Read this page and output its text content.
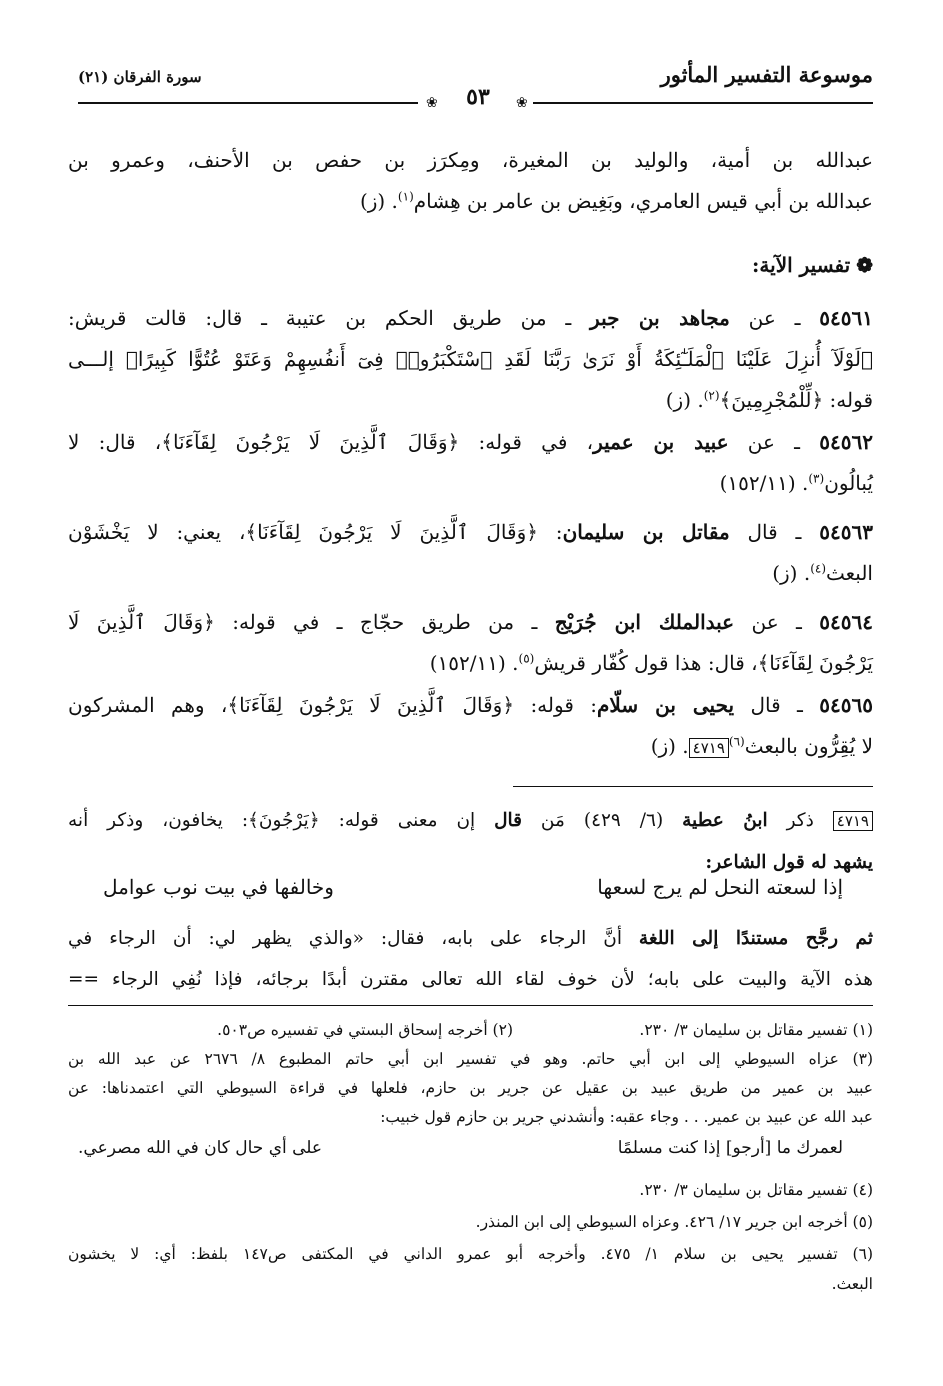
موسوعة التفسير المأثور
٥٣
سورة الفرقان (٢١)
❀
❀
عبدالله بن أمية، والوليد بن المغيرة، ومِكرَز بن حفص بن الأحنف، وعمرو بن
عبدالله بن أبي قيس العامري، وبَغِيض بن عامر بن هِشام$^{(١)}$. (ز)
❁تفسير الآية:
٥٤٥٦١ ـ عن مجاهد بن جبر ـ من طريق الحكم بن عتيبة ـ قال: قالت قريش:
﴿لَوْلَآ أُنزِلَ عَلَيْنَا ٱلْمَلَـٰٓئِكَةُ أَوْ نَرَىٰ رَبَّنَا لَقَدِ ٱسْتَكْبَرُوا۟ فِىٓ أَنفُسِهِمْ وَعَتَوْ عُتُوًّا كَبِيرًا﴾ إلـــى
قوله: ﴿لِّلْمُجْرِمِينَ﴾$^{(٢)}$. (ز)
٥٤٥٦٢ ـ عن عبيد بن عمير، في قوله: ﴿وَقَالَ ٱلَّذِينَ لَا يَرْجُونَ لِقَآءَنَا﴾، قال: لا
يُبالُون$^{(٣)}$. (١٥٢/١١)
٥٤٥٦٣ ـ قال مقاتل بن سليمان: ﴿وَقَالَ ٱلَّذِينَ لَا يَرْجُونَ لِقَآءَنَا﴾، يعني: لا يَخْشَوْن
البعث$^{(٤)}$. (ز)
٥٤٥٦٤ ـ عن عبدالملك ابن جُرَيْج ـ من طريق حجّاج ـ في قوله: ﴿وَقَالَ ٱلَّذِينَ لَا
يَرْجُونَ لِقَآءَنَا﴾، قال: هذا قول كُفّار قريش$^{(٥)}$. (١٥٢/١١)
٥٤٥٦٥ ـ قال يحيى بن سلّام: قوله: ﴿وَقَالَ ٱلَّذِينَ لَا يَرْجُونَ لِقَآءَنَا﴾، وهم المشركون
لا يُقِرُّون بالبعث$^{(٦)}$٤٧١٩. (ز)
٤٧١٩ ذكر ابنُ عطية (٦/ ٤٢٩) مَن قال إن معنى قوله: ﴿يَرْجُونَ﴾: يخافون، وذكر أنه
يشهد له قول الشاعر:
إذا لسعته النحل لم يرج لسعها
وخالفها في بيت نوب عوامل
ثم رجَّح مستندًا إلى اللغة أنَّ الرجاء على بابه، فقال: «والذي يظهر لي: أن الرجاء في
هذه الآية والبيت على بابه؛ لأن خوف لقاء الله تعالى مقترن أبدًا برجائه، فإذا نُفِي الرجاء ==
(١) تفسير مقاتل بن سليمان ٣/ ٢٣٠.
(٢) أخرجه إسحاق البستي في تفسيره ص٥٠٣.
(٣) عزاه السيوطي إلى ابن أبي حاتم. وهو في تفسير ابن أبي حاتم المطبوع ٨/ ٢٦٧٦ عن عبد الله بن
عبيد بن عمير من طريق عبيد بن عقيل عن جرير بن حازم، فلعلها في قراءة السيوطي التي اعتمدناها: عن
عبد الله عن عبيد بن عمير. . . وجاء عقبه: وأنشدني جرير بن حازم قول خبيب:
لعمرك ما [أرجو] إذا كنت مسلمًا
على أي حال كان في الله مصرعي.
(٤) تفسير مقاتل بن سليمان ٣/ ٢٣٠.
(٥) أخرجه ابن جرير ١٧/ ٤٢٦. وعزاه السيوطي إلى ابن المنذر.
(٦) تفسير يحيى بن سلام ١/ ٤٧٥. وأخرجه أبو عمرو الداني في المكتفى ص١٤٧ بلفظ: أي: لا يخشون
البعث.
